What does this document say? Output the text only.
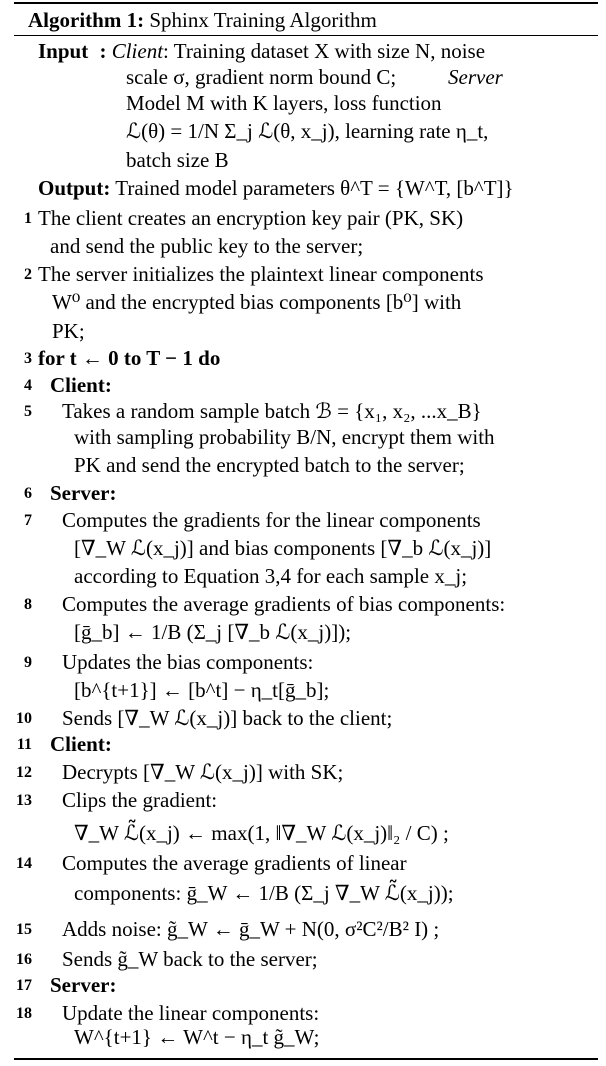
Algorithm 1: Sphinx Training Algorithm
Input : Client: Training dataset X with size N, noise
scale σ, gradient norm bound C;
Model M with K layers, loss function
ℒ(θ) = 1/N Σ_j ℒ(θ, x_j), learning rate η_t,
batch size B
Server
Output: Trained model parameters θ^T = {W^T, [b^T]}
1 The client creates an encryption key pair (PK, SK)
and send the public key to the server;
2 The server initializes the plaintext linear components
W⁰ and the encrypted bias components [b⁰] with
PK;
3 for t ← 0 to T − 1 do
4 Client:
5 Takes a random sample batch ℬ = {x₁, x₂, ...x_B}
with sampling probability B/N, encrypt them with
PK and send the encrypted batch to the server;
6 Server:
7 Computes the gradients for the linear components
[∇_W ℒ(x_j)] and bias components [∇_b ℒ(x_j)]
according to Equation 3,4 for each sample x_j;
8 Computes the average gradients of bias components:
[ḡ_b] ← 1/B (Σ_j [∇_b ℒ(x_j)]);
9 Updates the bias components:
[b^{t+1}] ← [b^t] − η_t[ḡ_b];
10 Sends [∇_W ℒ(x_j)] back to the client;
11 Client:
12 Decrypts [∇_W ℒ(x_j)] with SK;
13 Clips the gradient:
∇_W ℒ̃(x_j) ← max(1, ‖∇_W ℒ(x_j)‖₂ / C) ;
14 Computes the average gradients of linear
components: ḡ_W ← 1/B (Σ_j ∇_W ℒ̃(x_j));
15 Adds noise: g̃_W ← ḡ_W + N(0, σ²C²/B² I) ;
16 Sends g̃_W back to the server;
17 Server:
18 Update the linear components:
W^{t+1} ← W^t − η_t g̃_W;
